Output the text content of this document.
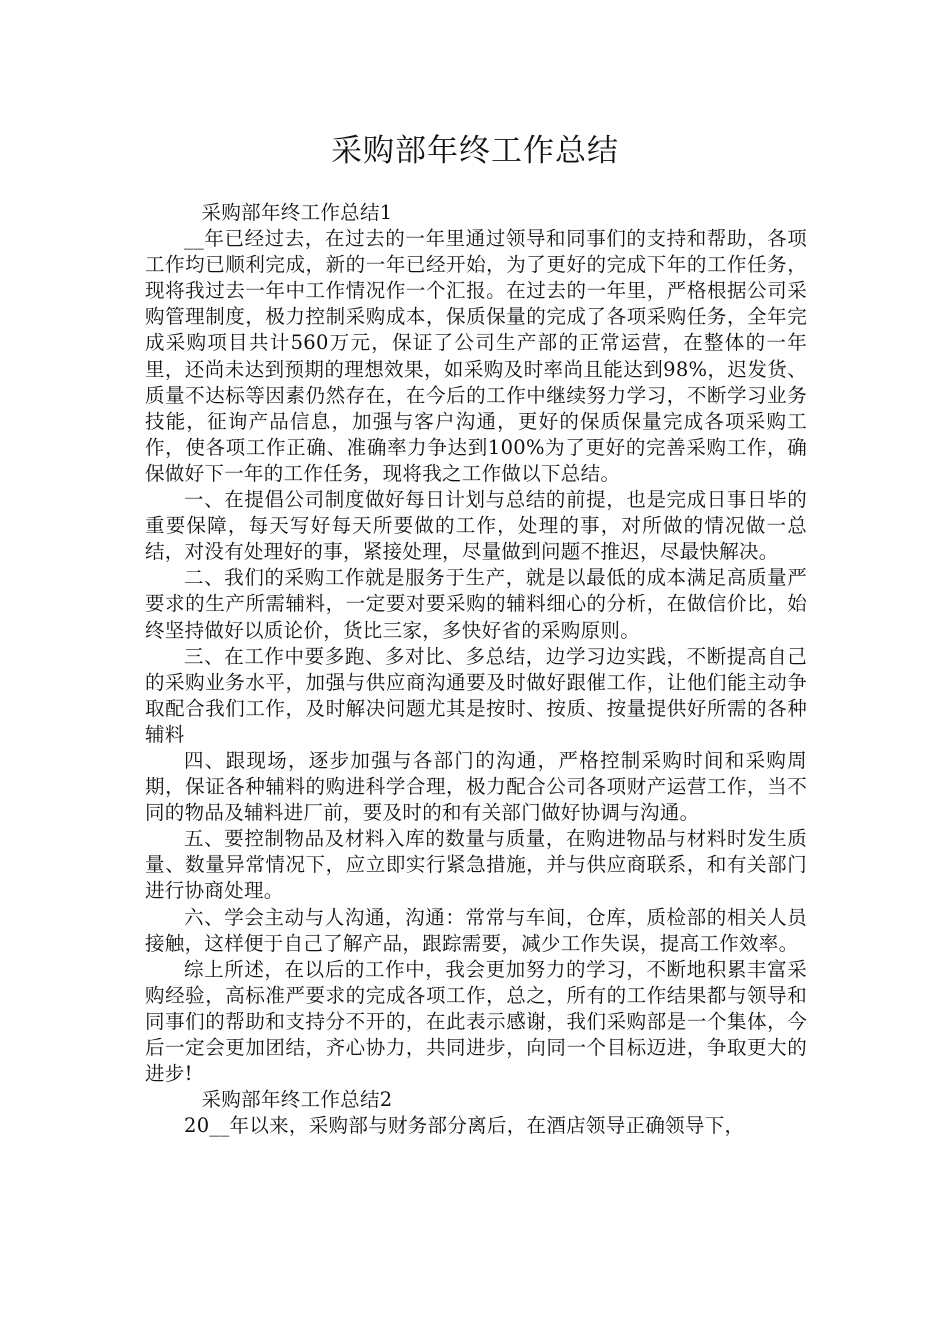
采购部年终工作总结

采购部年终工作总结1

__年已经过去，在过去的一年里通过领导和同事们的支持和帮助，各项工作均已顺利完成，新的一年已经开始，为了更好的完成下年的工作任务，现将我过去一年中工作情况作一个汇报。在过去的一年里，严格根据公司采购管理制度，极力控制采购成本，保质保量的完成了各项采购任务，全年完成采购项目共计560万元，保证了公司生产部的正常运营，在整体的一年里，还尚未达到预期的理想效果，如采购及时率尚且能达到98%，迟发货、质量不达标等因素仍然存在，在今后的工作中继续努力学习，不断学习业务技能，征询产品信息，加强与客户沟通，更好的保质保量完成各项采购工作，使各项工作正确、准确率力争达到100%为了更好的完善采购工作，确保做好下一年的工作任务，现将我之工作做以下总结。

一、在提倡公司制度做好每日计划与总结的前提，也是完成日事日毕的重要保障，每天写好每天所要做的工作，处理的事，对所做的情况做一总结，对没有处理好的事，紧接处理，尽量做到问题不推迟，尽最快解决。

二、我们的采购工作就是服务于生产，就是以最低的成本满足高质量严要求的生产所需辅料，一定要对要采购的辅料细心的分析，在做信价比，始终坚持做好以质论价，货比三家，多快好省的采购原则。

三、在工作中要多跑、多对比、多总结，边学习边实践，不断提高自己的采购业务水平，加强与供应商沟通要及时做好跟催工作，让他们能主动争取配合我们工作，及时解决问题尤其是按时、按质、按量提供好所需的各种辅料

四、跟现场，逐步加强与各部门的沟通，严格控制采购时间和采购周期，保证各种辅料的购进科学合理，极力配合公司各项财产运营工作，当不同的物品及辅料进厂前，要及时的和有关部门做好协调与沟通。

五、要控制物品及材料入库的数量与质量，在购进物品与材料时发生质量、数量异常情况下，应立即实行紧急措施，并与供应商联系，和有关部门进行协商处理。

六、学会主动与人沟通，沟通：常常与车间，仓库，质检部的相关人员接触，这样便于自己了解产品，跟踪需要，减少工作失误，提高工作效率。

综上所述，在以后的工作中，我会更加努力的学习，不断地积累丰富采购经验，高标准严要求的完成各项工作，总之，所有的工作结果都与领导和同事们的帮助和支持分不开的，在此表示感谢，我们采购部是一个集体，今后一定会更加团结，齐心协力，共同进步，向同一个目标迈进，争取更大的进步!

采购部年终工作总结2

20__年以来，采购部与财务部分离后，在酒店领导正确领导下，
